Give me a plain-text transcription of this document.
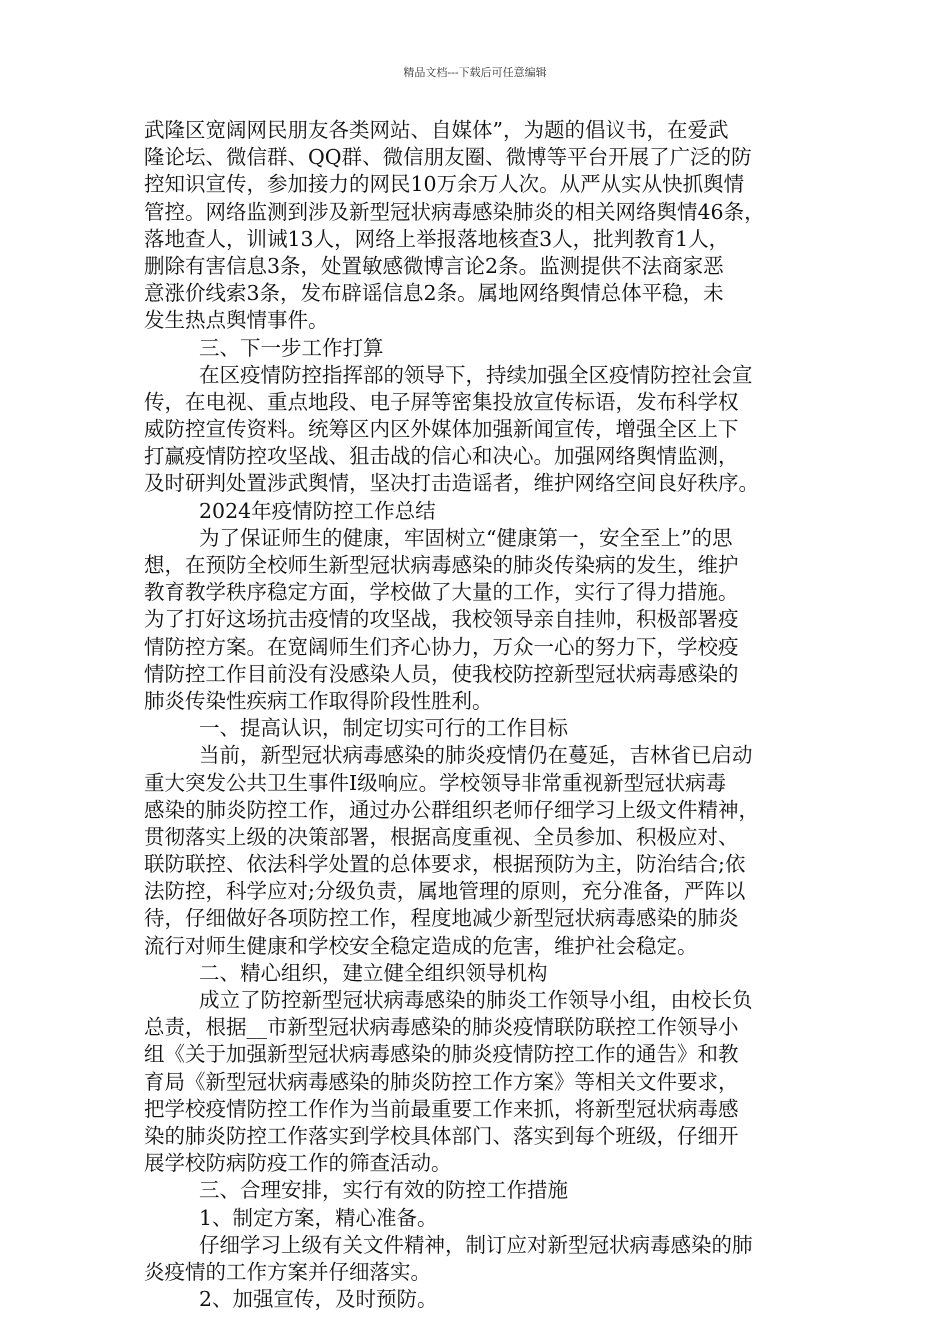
精品文档---下载后可任意编辑
武隆区宽阔网民朋友各类网站、自媒体”，为题的倡议书，在爱武
隆论坛、微信群、QQ群、微信朋友圈、微博等平台开展了广泛的防
控知识宣传，参加接力的网民10万余万人次。从严从实从快抓舆情
管控。网络监测到涉及新型冠状病毒感染肺炎的相关网络舆情46条，
落地查人，训诫13人，网络上举报落地核查3人，批判教育1人，
删除有害信息3条，处置敏感微博言论2条。监测提供不法商家恶
意涨价线索3条，发布辟谣信息2条。属地网络舆情总体平稳，未
发生热点舆情事件。
三、下一步工作打算
在区疫情防控指挥部的领导下，持续加强全区疫情防控社会宣
传，在电视、重点地段、电子屏等密集投放宣传标语，发布科学权
威防控宣传资料。统筹区内区外媒体加强新闻宣传，增强全区上下
打赢疫情防控攻坚战、狙击战的信心和决心。加强网络舆情监测，
及时研判处置涉武舆情，坚决打击造谣者，维护网络空间良好秩序。
2024年疫情防控工作总结
为了保证师生的健康，牢固树立“健康第一，安全至上”的思
想，在预防全校师生新型冠状病毒感染的肺炎传染病的发生，维护
教育教学秩序稳定方面，学校做了大量的工作，实行了得力措施。
为了打好这场抗击疫情的攻坚战，我校领导亲自挂帅，积极部署疫
情防控方案。在宽阔师生们齐心协力，万众一心的努力下，学校疫
情防控工作目前没有没感染人员，使我校防控新型冠状病毒感染的
肺炎传染性疾病工作取得阶段性胜利。
一、提高认识，制定切实可行的工作目标
当前，新型冠状病毒感染的肺炎疫情仍在蔓延，吉林省已启动
重大突发公共卫生事件Ⅰ级响应。学校领导非常重视新型冠状病毒
感染的肺炎防控工作，通过办公群组织老师仔细学习上级文件精神，
贯彻落实上级的决策部署，根据高度重视、全员参加、积极应对、
联防联控、依法科学处置的总体要求，根据预防为主，防治结合;依
法防控，科学应对;分级负责，属地管理的原则，充分准备，严阵以
待，仔细做好各项防控工作，程度地减少新型冠状病毒感染的肺炎
流行对师生健康和学校安全稳定造成的危害，维护社会稳定。
二、精心组织，建立健全组织领导机构
成立了防控新型冠状病毒感染的肺炎工作领导小组，由校长负
总责，根据__市新型冠状病毒感染的肺炎疫情联防联控工作领导小
组《关于加强新型冠状病毒感染的肺炎疫情防控工作的通告》和教
育局《新型冠状病毒感染的肺炎防控工作方案》等相关文件要求，
把学校疫情防控工作作为当前最重要工作来抓，将新型冠状病毒感
染的肺炎防控工作落实到学校具体部门、落实到每个班级，仔细开
展学校防病防疫工作的筛查活动。
三、合理安排，实行有效的防控工作措施
1、制定方案，精心准备。
仔细学习上级有关文件精神，制订应对新型冠状病毒感染的肺
炎疫情的工作方案并仔细落实。
2、加强宣传，及时预防。
